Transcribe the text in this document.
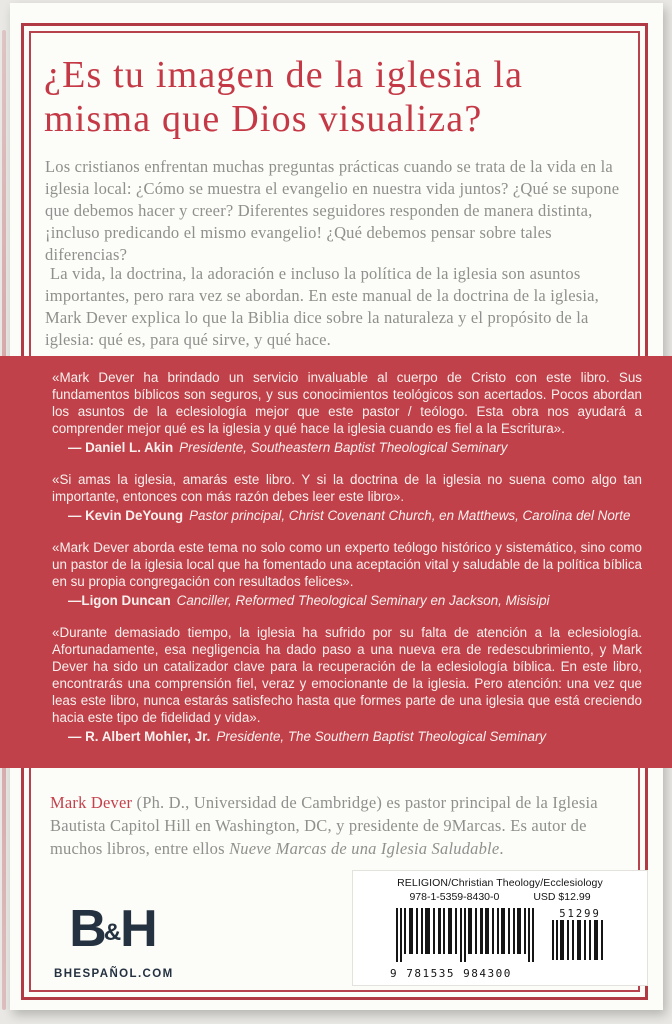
¿Es tu imagen de la iglesia la misma que Dios visualiza?

Los cristianos enfrentan muchas preguntas prácticas cuando se trata de la vida en la iglesia local: ¿Cómo se muestra el evangelio en nuestra vida juntos? ¿Qué se supone que debemos hacer y creer? Diferentes seguidores responden de manera distinta, ¡incluso predicando el mismo evangelio! ¿Qué debemos pensar sobre tales diferencias?

La vida, la doctrina, la adoración e incluso la política de la iglesia son asuntos importantes, pero rara vez se abordan. En este manual de la doctrina de la iglesia, Mark Dever explica lo que la Biblia dice sobre la naturaleza y el propósito de la iglesia: qué es, para qué sirve, y qué hace.

Mark Dever (Ph. D., Universidad de Cambridge) es pastor principal de la Iglesia Bautista Capitol Hill en Washington, DC, y presidente de 9Marcas. Es autor de muchos libros, entre ellos Nueve Marcas de una Iglesia Saludable.
B&H
BHESPAÑOL.COM
RELIGION/Christian Theology/Ecclesiology
978-1-5359-8430-0	USD $12.99
9 781535 984300
51299

«Mark Dever ha brindado un servicio invaluable al cuerpo de Cristo con este libro. Sus fundamentos bíblicos son seguros, y sus conocimientos teológicos son acertados. Pocos abordan los asuntos de la eclesiología mejor que este pastor / teólogo. Esta obra nos ayudará a comprender mejor qué es la iglesia y qué hace la iglesia cuando es fiel a la Escritura».

— Daniel L. Akin Presidente, Southeastern Baptist Theological Seminary

«Si amas la iglesia, amarás este libro. Y si la doctrina de la iglesia no suena como algo tan importante, entonces con más razón debes leer este libro».

— Kevin DeYoung Pastor principal, Christ Covenant Church, en Matthews, Carolina del Norte

«Mark Dever aborda este tema no solo como un experto teólogo histórico y sistemático, sino como un pastor de la iglesia local que ha fomentado una aceptación vital y saludable de la política bíblica en su propia congregación con resultados felices».

—Ligon Duncan Canciller, Reformed Theological Seminary en Jackson, Misisipi

«Durante demasiado tiempo, la iglesia ha sufrido por su falta de atención a la eclesiología. Afortunadamente, esa negligencia ha dado paso a una nueva era de redescubrimiento, y Mark Dever ha sido un catalizador clave para la recuperación de la eclesiología bíblica. En este libro, encontrarás una comprensión fiel, veraz y emocionante de la iglesia. Pero atención: una vez que leas este libro, nunca estarás satisfecho hasta que formes parte de una iglesia que está creciendo hacia este tipo de fidelidad y vida».

— R. Albert Mohler, Jr. Presidente, The Southern Baptist Theological Seminary
